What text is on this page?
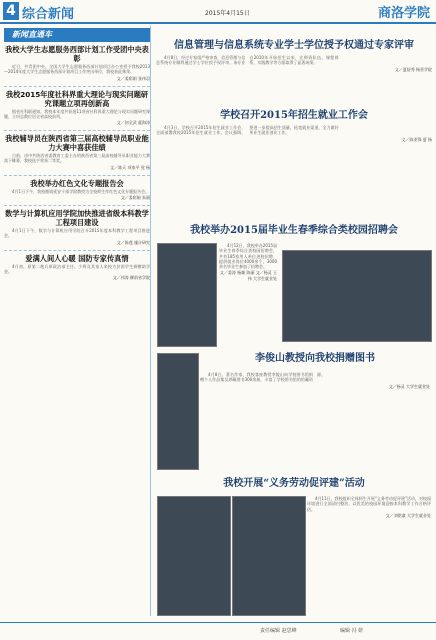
4 综合新闻	2015年4月15日	商洛学院
新闻直通车
我校大学生志愿服务西部计划工作受团中央表彰

近日，共青团中央、全国大学生志愿服务西部计划项目办公室授予我校2013—2014年度大学生志愿服务西部计划项目工作突出单位，我校获此殊荣。

文／姜彩娟 张伟羽
我校2015年度社科界重大理论与现实问题研究课题立项再创新高

据省社科联通知，我校本年度共获批11项省社科界重大理论与现实问题研究课题，立项总数位居全省高校前列。

文／何全武 霍海涛
我校辅导员在陕西省第三届高校辅导员职业能力大赛中喜获佳绩

日前，由中共陕西省委教育工委主办的陕西省第三届高校辅导员职业能力大赛落下帷幕，我校选手荣获二等奖。

文／陈天 项家平 党 杨
我校举办红色文化专题报告会

4月1日下午，我校邀请延安干部学院教授为全校师生作红色文化专题报告会。

文／姜彩娟 朱丽
数学与计算机应用学院加快推进省级本科教学工程项目建设

4月1日下午，数学与计算机应用学院召开2015年度本科教学工程项目推进会。

文／陈莲 施计研究
爱满人间人心暖 国防专家传真情

4月初，原第二炮兵原政治部主任、少将及其家人来校为贫困学生捐赠助学金。

文／祁涛 柳前省学院
信息管理与信息系统专业学士学位授予权通过专家评审

4月8日，经过专家组严格审查，信息管理与信息系统专业顺利通过学士学位授予权评审。该专业自2010年开始招生以来，在师资队伍、课程体系、实践教学等方面取得了显著成绩。

文／夏舒秀 杨晋学院
学校召开2015年招生就业工作会

4月3日，学校召开2015年招生就业工作会，全面部署我校2015年招生就业工作。会议强调，要进一步提高招生质量，拓宽就业渠道，全力做好毕业生就业创业工作。

文／陈亚锋 夏 杨
我校举办2015届毕业生春季综合类校园招聘会

4月12日，我校举办2015届毕业生春季综合类校园招聘会，共有185家用人单位进校招聘，提供就业岗位4000余个，3000余名毕业生参加了招聘会。

文／姜涛 杨雄 陈丽 文／杨灵 王 伟 大学生就业处
李俊山教授向我校捐赠图书

4月8日，著名作家、我校客座教授李俊山向学校图书馆捐赠个人作品集及珍藏图书300余册，丰富了学校图书馆的馆藏资源。

文／杨灵 大学生就业处
我校开展“义务劳动促评建”活动

4月11日，我校组织全体师生开展“义务劳动促评建”活动，对校园环境进行全面清扫整治，以优美的校园环境迎接本科教学工作合格评估。

文／刘铭童 大学生就业处
责任编辑 赵思峰	编辑 冯 妍
